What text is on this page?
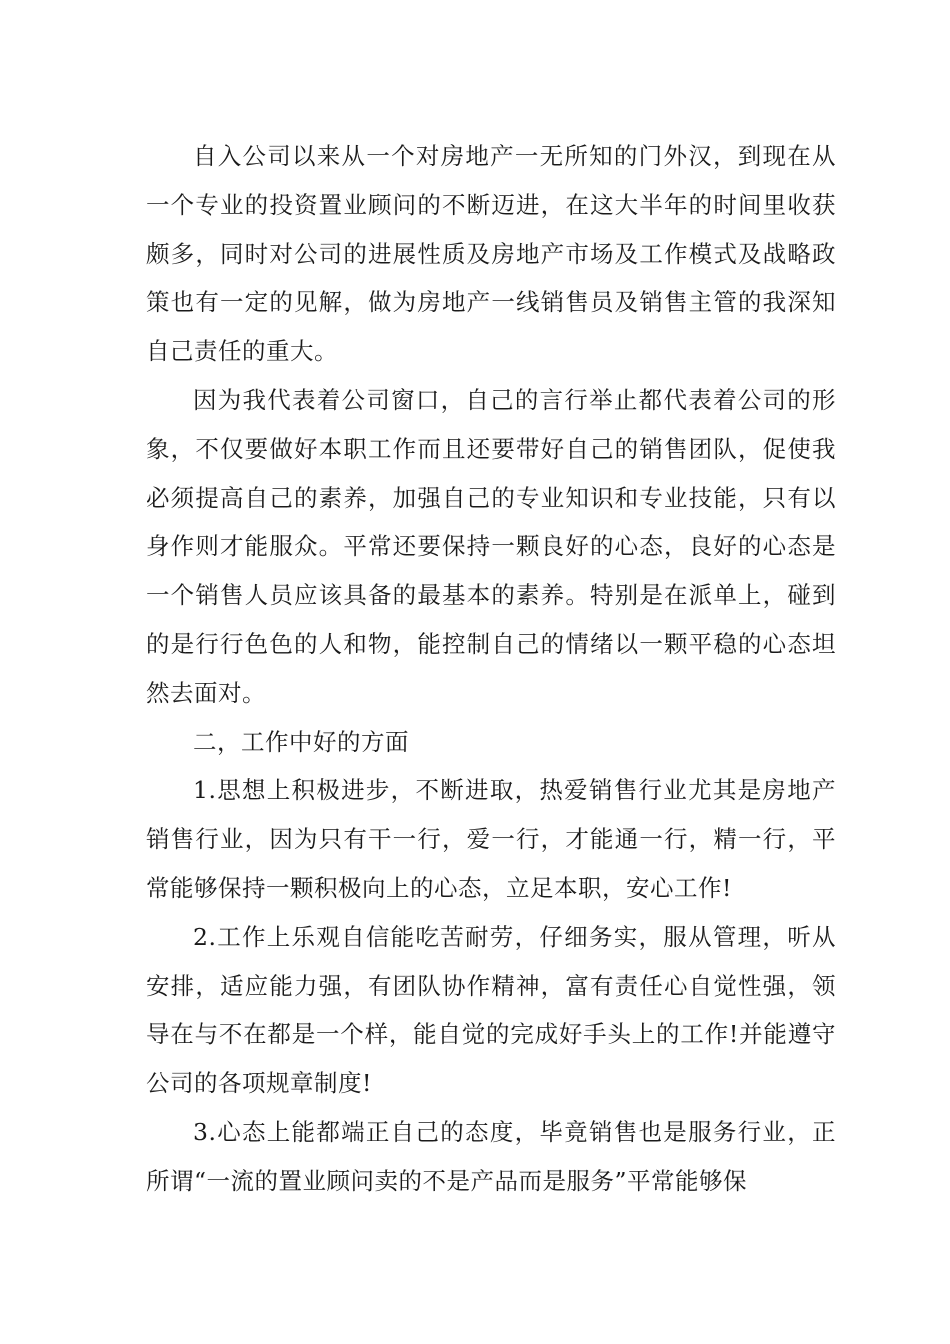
自入公司以来从一个对房地产一无所知的门外汉，到现在从一个专业的投资置业顾问的不断迈进，在这大半年的时间里收获颇多，同时对公司的进展性质及房地产市场及工作模式及战略政策也有一定的见解，做为房地产一线销售员及销售主管的我深知自己责任的重大。

因为我代表着公司窗口，自己的言行举止都代表着公司的形象，不仅要做好本职工作而且还要带好自己的销售团队，促使我必须提高自己的素养，加强自己的专业知识和专业技能，只有以身作则才能服众。平常还要保持一颗良好的心态，良好的心态是一个销售人员应该具备的最基本的素养。特别是在派单上，碰到的是行行色色的人和物，能控制自己的情绪以一颗平稳的心态坦然去面对。

二，工作中好的方面

1.思想上积极进步，不断进取，热爱销售行业尤其是房地产销售行业，因为只有干一行，爱一行，才能通一行，精一行，平常能够保持一颗积极向上的心态，立足本职，安心工作!

2.工作上乐观自信能吃苦耐劳，仔细务实，服从管理，听从安排，适应能力强，有团队协作精神，富有责任心自觉性强，领导在与不在都是一个样，能自觉的完成好手头上的工作!并能遵守公司的各项规章制度!

3.心态上能都端正自己的态度，毕竟销售也是服务行业，正所谓“一流的置业顾问卖的不是产品而是服务”平常能够保
